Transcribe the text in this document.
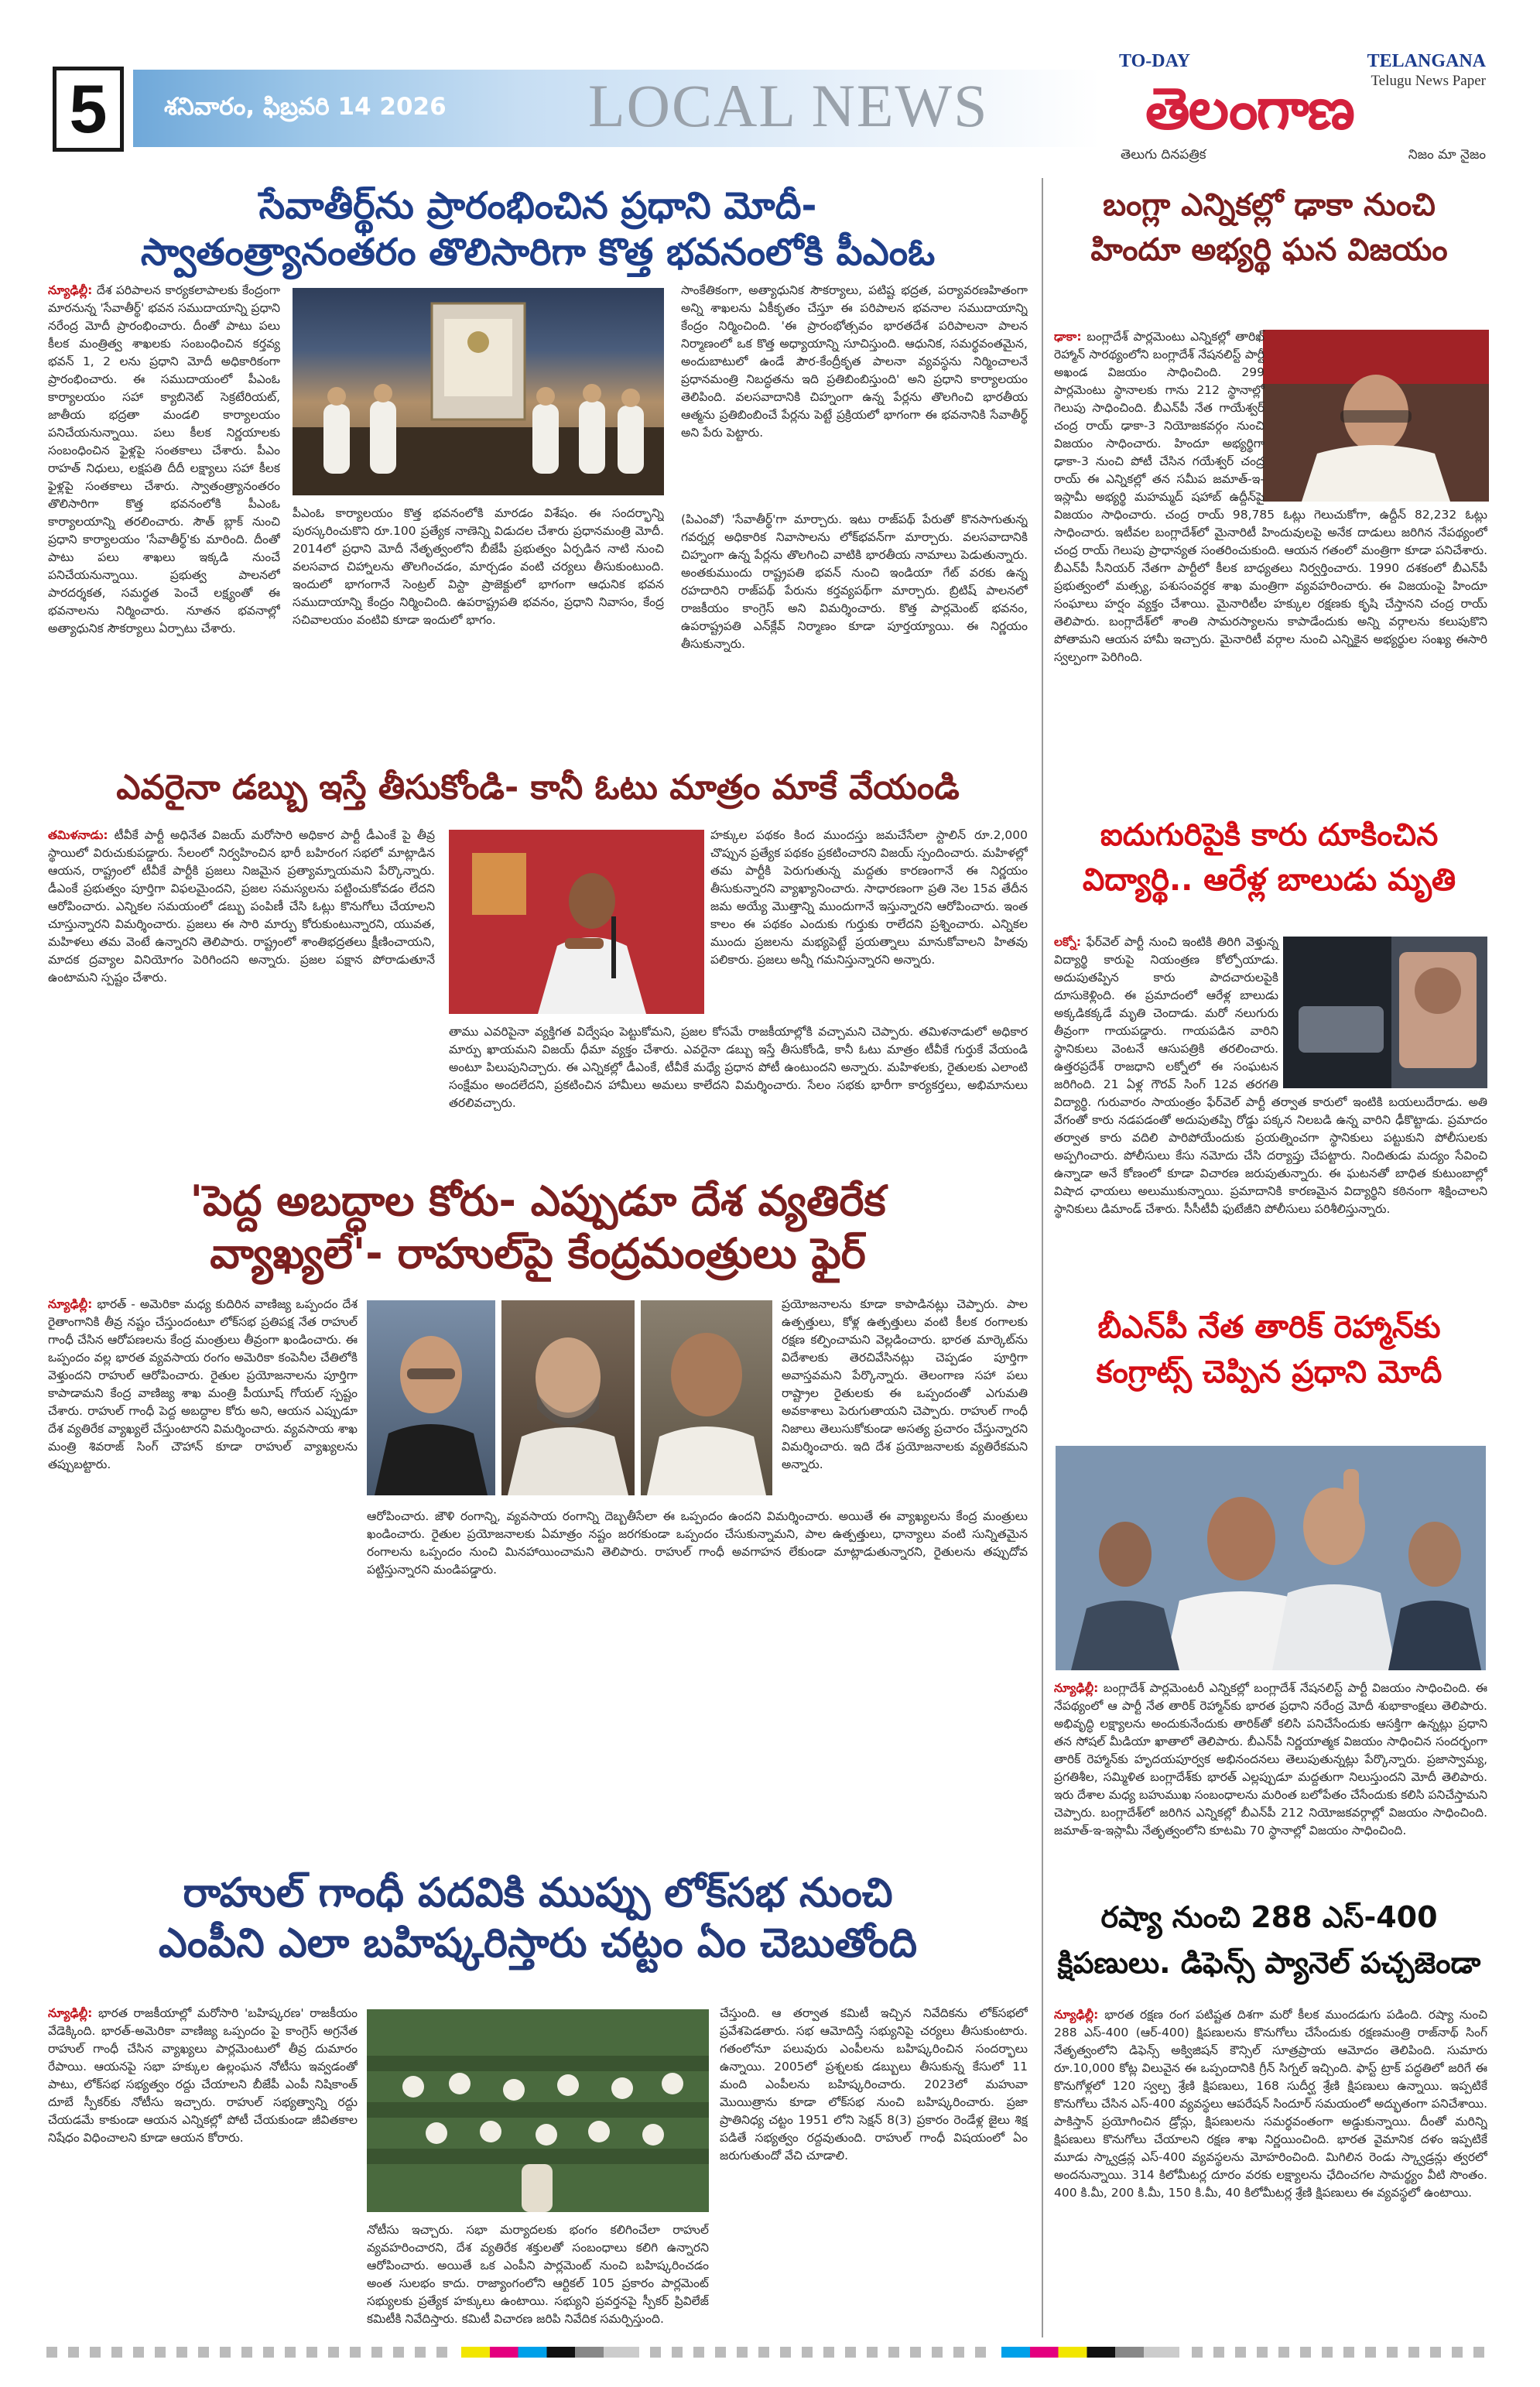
5	శనివారం, ఫిబ్రవరి 14 2026 LOCAL NEWS
TO-DAY	TELANGANA
Telugu News Paper
తెలంగాణ
తెలుగు దినపత్రిక	నిజం మా నైజం
సేవాతీర్థ్‌ను ప్రారంభించిన ప్రధాని మోదీ-
స్వాతంత్ర్యానంతరం తొలిసారిగా కొత్త భవనంలోకి పీఎంఓ
న్యూఢిల్లీ: దేశ పరిపాలన కార్యకలాపాలకు కేంద్రంగా మారనున్న 'సేవాతీర్థ్' భవన సముదాయాన్ని ప్రధాని నరేంద్ర మోదీ ప్రారంభించారు. దీంతో పాటు పలు కీలక మంత్రిత్వ శాఖలకు సంబంధించిన కర్తవ్య భవన్ 1, 2 లను ప్రధాని మోదీ అధికారికంగా ప్రారంభించారు. ఈ సముదాయంలో పీఎంఓ కార్యాలయం సహా క్యాబినెట్ సెక్రటేరియట్, జాతీయ భద్రతా మండలి కార్యాలయం పనిచేయనున్నాయి. పలు కీలక నిర్ణయాలకు సంబంధించిన ఫైళ్లపై సంతకాలు చేశారు. పీఎం రాహత్ నిధులు, లక్షపతి దీదీ లక్ష్యాలు సహా కీలక ఫైళ్లపై సంతకాలు చేశారు. స్వాతంత్ర్యానంతరం తొలిసారిగా కొత్త భవనంలోకి పీఎంఓ కార్యాలయాన్ని తరలించారు. సౌత్ బ్లాక్ నుంచి ప్రధాని కార్యాలయం 'సేవాతీర్థ్'కు మారింది. దీంతో పాటు పలు శాఖలు ఇక్కడి నుంచే పనిచేయనున్నాయి. ప్రభుత్వ పాలనలో పారదర్శకత, సమర్థత పెంచే లక్ష్యంతో ఈ భవనాలను నిర్మించారు. నూతన భవనాల్లో అత్యాధునిక సౌకర్యాలు ఏర్పాటు చేశారు.
సాంకేతికంగా, అత్యాధునిక సౌకర్యాలు, పటిష్ట భద్రత, పర్యావరణహితంగా అన్ని శాఖలను ఏకీకృతం చేస్తూ ఈ పరిపాలన భవనాల సముదాయాన్ని కేంద్రం నిర్మించింది. 'ఈ ప్రారంభోత్సవం భారతదేశ పరిపాలనా పాలన నిర్మాణంలో ఒక కొత్త అధ్యాయాన్ని సూచిస్తుంది. ఆధునిక, సమర్థవంతమైన, అందుబాటులో ఉండే పౌర-కేంద్రీకృత పాలనా వ్యవస్థను నిర్మించాలనే ప్రధానమంత్రి నిబద్ధతను ఇది ప్రతిబింబిస్తుంది' అని ప్రధాని కార్యాలయం తెలిపింది. వలసవాదానికి చిహ్నంగా ఉన్న పేర్లను తొలగించి భారతీయ ఆత్మను ప్రతిబింబించే పేర్లను పెట్టే ప్రక్రియలో భాగంగా ఈ భవనానికి సేవాతీర్థ్ అని పేరు పెట్టారు.
పీఎంఓ కార్యాలయం కొత్త భవనంలోకి మారడం విశేషం. ఈ సందర్భాన్ని పురస్కరించుకొని రూ.100 ప్రత్యేక నాణెన్ని విడుదల చేశారు ప్రధానమంత్రి మోదీ. 2014లో ప్రధాని మోదీ నేతృత్వంలోని బీజేపీ ప్రభుత్వం ఏర్పడిన నాటి నుంచి వలసవాద చిహ్నాలను తొలగించడం, మార్చడం వంటి చర్యలు తీసుకుంటుంది. ఇందులో భాగంగానే సెంట్రల్ విస్టా ప్రాజెక్టులో భాగంగా ఆధునిక భవన సముదాయాన్ని కేంద్రం నిర్మించింది. ఉపరాష్ట్రపతి భవనం, ప్రధాని నివాసం, కేంద్ర సచివాలయం వంటివి కూడా ఇందులో భాగం.
(పిఎంవో) 'సేవాతీర్థ్'గా మార్చారు. ఇటు రాజ్‌పథ్‌ పేరుతో కొనసాగుతున్న గవర్నర్ల అధికారిక నివాసాలను లోక్‌భవన్‌గా మార్చారు. వలసవాదానికి చిహ్నంగా ఉన్న పేర్లను తొలగించి వాటికి భారతీయ నామాలు పెడుతున్నారు. అంతకుముందు రాష్ట్రపతి భవన్ నుంచి ఇండియా గేట్ వరకు ఉన్న రహదారిని రాజ్‌పథ్ పేరును కర్తవ్యపథ్‌గా మార్చారు. బ్రిటిష్ పాలనలో రాజకీయం కాంగ్రెస్ అని విమర్శించారు. కొత్త పార్లమెంట్ భవనం, ఉపరాష్ట్రపతి ఎన్‌క్లేవ్ నిర్మాణం కూడా పూర్తయ్యాయి. ఈ నిర్ణయం తీసుకున్నారు.
ఎవరైనా డబ్బు ఇస్తే తీసుకోండి- కానీ ఓటు మాత్రం మాకే వేయండి
తమిళనాడు: టీవీకే పార్టీ అధినేత విజయ్ మరోసారి అధికార పార్టీ డీఎంకే పై తీవ్ర స్థాయిలో విరుచుకుపడ్డారు. సేలంలో నిర్వహించిన భారీ బహిరంగ సభలో మాట్లాడిన ఆయన, రాష్ట్రంలో టీవీకే పార్టీకి ప్రజలు నిజమైన ప్రత్యామ్నాయమని పేర్కొన్నారు. డీఎంకే ప్రభుత్వం పూర్తిగా విఫలమైందని, ప్రజల సమస్యలను పట్టించుకోవడం లేదని ఆరోపించారు. ఎన్నికల సమయంలో డబ్బు పంపిణీ చేసి ఓట్లు కొనుగోలు చేయాలని చూస్తున్నారని విమర్శించారు. ప్రజలు ఈ సారి మార్పు కోరుకుంటున్నారని, యువత, మహిళలు తమ వెంటే ఉన్నారని తెలిపారు. రాష్ట్రంలో శాంతిభద్రతలు క్షీణించాయని, మాదక ద్రవ్యాల వినియోగం పెరిగిందని అన్నారు. ప్రజల పక్షాన పోరాడుతూనే ఉంటామని స్పష్టం చేశారు.
హక్కుల పథకం కింద ముందస్తు జమచేసేలా స్టాలిన్ రూ.2,000 చొప్పున ప్రత్యేక పథకం ప్రకటించారని విజయ్ స్పందించారు. మహిళల్లో తమ పార్టీకి పెరుగుతున్న మద్దతు కారణంగానే ఈ నిర్ణయం తీసుకున్నారని వ్యాఖ్యానించారు. సాధారణంగా ప్రతి నెల 15వ తేదీన జమ అయ్యే మొత్తాన్ని ముందుగానే ఇస్తున్నారని ఆరోపించారు. ఇంత కాలం ఈ పథకం ఎందుకు గుర్తుకు రాలేదని ప్రశ్నించారు. ఎన్నికల ముందు ప్రజలను మభ్యపెట్టే ప్రయత్నాలు మానుకోవాలని హితవు పలికారు. ప్రజలు అన్నీ గమనిస్తున్నారని అన్నారు.
తాము ఎవరిపైనా వ్యక్తిగత విద్వేషం పెట్టుకోమని, ప్రజల కోసమే రాజకీయాల్లోకి వచ్చామని చెప్పారు. తమిళనాడులో అధికార మార్పు ఖాయమని విజయ్ ధీమా వ్యక్తం చేశారు. ఎవరైనా డబ్బు ఇస్తే తీసుకోండి, కానీ ఓటు మాత్రం టీవీకే గుర్తుకే వేయండి అంటూ పిలుపునిచ్చారు. ఈ ఎన్నికల్లో డీఎంకే, టీవీకే మధ్యే ప్రధాన పోటీ ఉంటుందని అన్నారు. మహిళలకు, రైతులకు ఎలాంటి సంక్షేమం అందలేదని, ప్రకటించిన హామీలు అమలు కాలేదని విమర్శించారు. సేలం సభకు భారీగా కార్యకర్తలు, అభిమానులు తరలివచ్చారు.
'పెద్ద అబద్ధాల కోరు- ఎప్పుడూ దేశ వ్యతిరేక
వ్యాఖ్యలే'- రాహుల్‌పై కేంద్రమంత్రులు ఫైర్
న్యూఢిల్లీ: భారత్ - అమెరికా మధ్య కుదిరిన వాణిజ్య ఒప్పందం దేశ రైతాంగానికి తీవ్ర నష్టం చేస్తుందంటూ లోక్‌సభ ప్రతిపక్ష నేత రాహుల్ గాంధీ చేసిన ఆరోపణలను కేంద్ర మంత్రులు తీవ్రంగా ఖండించారు. ఈ ఒప్పందం వల్ల భారత వ్యవసాయ రంగం అమెరికా కంపెనీల చేతిలోకి వెళ్తుందని రాహుల్ ఆరోపించారు. రైతుల ప్రయోజనాలను పూర్తిగా కాపాడామని కేంద్ర వాణిజ్య శాఖ మంత్రి పీయూష్ గోయల్ స్పష్టం చేశారు. రాహుల్ గాంధీ పెద్ద అబద్ధాల కోరు అని, ఆయన ఎప్పుడూ దేశ వ్యతిరేక వ్యాఖ్యలే చేస్తుంటారని విమర్శించారు. వ్యవసాయ శాఖ మంత్రి శివరాజ్ సింగ్ చౌహాన్ కూడా రాహుల్ వ్యాఖ్యలను తప్పుబట్టారు.
ప్రయోజనాలను కూడా కాపాడినట్లు చెప్పారు. పాల ఉత్పత్తులు, కోళ్ల ఉత్పత్తులు వంటి కీలక రంగాలకు రక్షణ కల్పించామని వెల్లడించారు. భారత మార్కెట్‌ను విదేశాలకు తెరచివేసినట్లు చెప్పడం పూర్తిగా అవాస్తవమని పేర్కొన్నారు. తెలంగాణ సహా పలు రాష్ట్రాల రైతులకు ఈ ఒప్పందంతో ఎగుమతి అవకాశాలు పెరుగుతాయని చెప్పారు. రాహుల్ గాంధీ నిజాలు తెలుసుకోకుండా అసత్య ప్రచారం చేస్తున్నారని విమర్శించారు. ఇది దేశ ప్రయోజనాలకు వ్యతిరేకమని అన్నారు.
ఆరోపించారు. జౌళి రంగాన్ని, వ్యవసాయ రంగాన్ని దెబ్బతీసేలా ఈ ఒప్పందం ఉందని విమర్శించారు. అయితే ఈ వ్యాఖ్యలను కేంద్ర మంత్రులు ఖండించారు. రైతుల ప్రయోజనాలకు ఏమాత్రం నష్టం జరగకుండా ఒప్పందం చేసుకున్నామని, పాల ఉత్పత్తులు, ధాన్యాలు వంటి సున్నితమైన రంగాలను ఒప్పందం నుంచి మినహాయించామని తెలిపారు. రాహుల్ గాంధీ అవగాహన లేకుండా మాట్లాడుతున్నారని, రైతులను తప్పుదోవ పట్టిస్తున్నారని మండిపడ్డారు.
రాహుల్ గాంధీ పదవికి ముప్పు లోక్‌సభ నుంచి
ఎంపీని ఎలా బహిష్కరిస్తారు చట్టం ఏం చెబుతోంది
న్యూఢిల్లీ: భారత రాజకీయాల్లో మరోసారి 'బహిష్కరణ' రాజకీయం వేడెక్కింది. భారత్-అమెరికా వాణిజ్య ఒప్పందం పై కాంగ్రెస్ అగ్రనేత రాహుల్ గాంధీ చేసిన వ్యాఖ్యలు పార్లమెంటులో తీవ్ర దుమారం రేపాయి. ఆయనపై సభా హక్కుల ఉల్లంఘన నోటీసు ఇవ్వడంతో పాటు, లోక్‌సభ సభ్యత్వం రద్దు చేయాలని బీజేపీ ఎంపీ నిషికాంత్ దూబే స్పీకర్‌కు నోటీసు ఇచ్చారు. రాహుల్ సభ్యత్వాన్ని రద్దు చేయడమే కాకుండా ఆయన ఎన్నికల్లో పోటీ చేయకుండా జీవితకాల నిషేధం విధించాలని కూడా ఆయన కోరారు.
చేస్తుంది. ఆ తర్వాత కమిటీ ఇచ్చిన నివేదికను లోక్‌సభలో ప్రవేశపెడతారు. సభ ఆమోదిస్తే సభ్యునిపై చర్యలు తీసుకుంటారు. గతంలోనూ పలువురు ఎంపీలను బహిష్కరించిన సందర్భాలు ఉన్నాయి. 2005లో ప్రశ్నలకు డబ్బులు తీసుకున్న కేసులో 11 మంది ఎంపీలను బహిష్కరించారు. 2023లో మహువా మొయిత్రాను కూడా లోక్‌సభ నుంచి బహిష్కరించారు. ప్రజా ప్రాతినిధ్య చట్టం 1951 లోని సెక్షన్ 8(3) ప్రకారం రెండేళ్ల జైలు శిక్ష పడితే సభ్యత్వం రద్దవుతుంది. రాహుల్ గాంధీ విషయంలో ఏం జరుగుతుందో వేచి చూడాలి.
నోటీసు ఇచ్చారు. సభా మర్యాదలకు భంగం కలిగించేలా రాహుల్ వ్యవహరించారని, దేశ వ్యతిరేక శక్తులతో సంబంధాలు కలిగి ఉన్నారని ఆరోపించారు. అయితే ఒక ఎంపీని పార్లమెంట్ నుంచి బహిష్కరించడం అంత సులభం కాదు. రాజ్యాంగంలోని ఆర్టికల్ 105 ప్రకారం పార్లమెంట్ సభ్యులకు ప్రత్యేక హక్కులు ఉంటాయి. సభ్యుని ప్రవర్తనపై స్పీకర్ ప్రివిలేజ్ కమిటీకి నివేదిస్తారు. కమిటీ విచారణ జరిపి నివేదిక సమర్పిస్తుంది.
బంగ్లా ఎన్నికల్లో ఢాకా నుంచి
హిందూ అభ్యర్థి ఘన విజయం
ఢాకా: బంగ్లాదేశ్ పార్లమెంటు ఎన్నికల్లో తారిఖ్ రెహ్మాన్ సారథ్యంలోని బంగ్లాదేశ్ నేషనలిస్ట్ పార్టీ అఖండ విజయం సాధించింది. 299 పార్లమెంటు స్థానాలకు గాను 212 స్థానాల్లో గెలుపు సాధించింది. బీఎన్‌పీ నేత గాయేశ్వర్ చంద్ర రాయ్ ఢాకా-3 నియోజకవర్గం నుంచి విజయం సాధించారు. హిందూ అభ్యర్థిగా ఢాకా-3 నుంచి పోటీ చేసిన గయేశ్వర్ చంద్ర రాయ్ ఈ ఎన్నికల్లో తన సమీప జమాత్-ఇ-ఇస్లామీ అభ్యర్థి మహమ్మద్ షహాబ్ ఉద్దీన్‌పై విజయం సాధించారు. చంద్ర రాయ్ 98,785 ఓట్లు గెలుచుకోగా, ఉద్దీన్ 82,232 ఓట్లు సాధించారు. ఇటీవల బంగ్లాదేశ్‌లో మైనారిటీ హిందువులపై అనేక దాడులు జరిగిన నేపథ్యంలో చంద్ర రాయ్ గెలుపు ప్రాధాన్యత సంతరించుకుంది. ఆయన గతంలో మంత్రిగా కూడా పనిచేశారు. బీఎన్‌పీ సీనియర్ నేతగా పార్టీలో కీలక బాధ్యతలు నిర్వర్తించారు. 1990 దశకంలో బీఎన్‌పీ ప్రభుత్వంలో మత్స్య, పశుసంవర్ధక శాఖ మంత్రిగా వ్యవహరించారు. ఈ విజయంపై హిందూ సంఘాలు హర్షం వ్యక్తం చేశాయి. మైనారిటీల హక్కుల రక్షణకు కృషి చేస్తానని చంద్ర రాయ్ తెలిపారు. బంగ్లాదేశ్‌లో శాంతి సామరస్యాలను కాపాడేందుకు అన్ని వర్గాలను కలుపుకొని పోతామని ఆయన హామీ ఇచ్చారు. మైనారిటీ వర్గాల నుంచి ఎన్నికైన అభ్యర్థుల సంఖ్య ఈసారి స్వల్పంగా పెరిగింది.
ఐదుగురిపైకి కారు దూకించిన
విద్యార్థి.. ఆరేళ్ల బాలుడు మృతి
లక్నో: ఫేర్‌వెల్ పార్టీ నుంచి ఇంటికి తిరిగి వెళ్తున్న విద్యార్థి కారుపై నియంత్రణ కోల్పోయాడు. అదుపుతప్పిన కారు పాదచారులపైకి దూసుకెళ్లింది. ఈ ప్రమాదంలో ఆరేళ్ల బాలుడు అక్కడికక్కడే మృతి చెందాడు. మరో నలుగురు తీవ్రంగా గాయపడ్డారు. గాయపడిన వారిని స్థానికులు వెంటనే ఆసుపత్రికి తరలించారు. ఉత్తరప్రదేశ్ రాజధాని లక్నోలో ఈ సంఘటన జరిగింది. 21 ఏళ్ల గౌరవ్ సింగ్ 12వ తరగతి విద్యార్థి. గురువారం సాయంత్రం ఫేర్‌వెల్ పార్టీ తర్వాత కారులో ఇంటికి బయలుదేరాడు. అతి వేగంతో కారు నడపడంతో అదుపుతప్పి రోడ్డు పక్కన నిలబడి ఉన్న వారిని ఢీకొట్టాడు. ప్రమాదం తర్వాత కారు వదిలి పారిపోయేందుకు ప్రయత్నించగా స్థానికులు పట్టుకుని పోలీసులకు అప్పగించారు. పోలీసులు కేసు నమోదు చేసి దర్యాప్తు చేపట్టారు. నిందితుడు మద్యం సేవించి ఉన్నాడా అనే కోణంలో కూడా విచారణ జరుపుతున్నారు. ఈ ఘటనతో బాధిత కుటుంబాల్లో విషాద ఛాయలు అలుముకున్నాయి. ప్రమాదానికి కారణమైన విద్యార్థిని కఠినంగా శిక్షించాలని స్థానికులు డిమాండ్ చేశారు. సీసీటీవీ ఫుటేజీని పోలీసులు పరిశీలిస్తున్నారు.
బీఎన్‌పీ నేత తారిక్ రెహ్మాన్‌కు
కంగ్రాట్స్ చెప్పిన ప్రధాని మోదీ
న్యూఢిల్లీ: బంగ్లాదేశ్ పార్లమెంటరీ ఎన్నికల్లో బంగ్లాదేశ్ నేషనలిస్ట్ పార్టీ విజయం సాధించింది. ఈ నేపథ్యంలో ఆ పార్టీ నేత తారిక్ రెహ్మాన్‌కు భారత ప్రధాని నరేంద్ర మోదీ శుభాకాంక్షలు తెలిపారు. అభివృద్ధి లక్ష్యాలను అందుకునేందుకు తారిక్‌తో కలిసి పనిచేసేందుకు ఆసక్తిగా ఉన్నట్లు ప్రధాని తన సోషల్ మీడియా ఖాతాలో తెలిపారు. బీఎన్‌పీ నిర్ణయాత్మక విజయం సాధించిన సందర్భంగా తారిక్ రెహ్మాన్‌కు హృదయపూర్వక అభినందనలు తెలుపుతున్నట్లు పేర్కొన్నారు. ప్రజాస్వామ్య, ప్రగతిశీల, సమ్మిళిత బంగ్లాదేశ్‌కు భారత్ ఎల్లప్పుడూ మద్దతుగా నిలుస్తుందని మోదీ తెలిపారు. ఇరు దేశాల మధ్య బహుముఖ సంబంధాలను మరింత బలోపేతం చేసేందుకు కలిసి పనిచేస్తామని చెప్పారు. బంగ్లాదేశ్‌లో జరిగిన ఎన్నికల్లో బీఎన్‌పీ 212 నియోజకవర్గాల్లో విజయం సాధించింది. జమాత్-ఇ-ఇస్లామీ నేతృత్వంలోని కూటమి 70 స్థానాల్లో విజయం సాధించింది.
రష్యా నుంచి 288 ఎస్-400
క్షిపణులు. డిఫెన్స్ ప్యానెల్ పచ్చజెండా
న్యూఢిల్లీ: భారత రక్షణ రంగ పటిష్టత దిశగా మరో కీలక ముందడుగు పడింది. రష్యా నుంచి 288 ఎస్-400 (ఆర్-400) క్షిపణులను కొనుగోలు చేసేందుకు రక్షణమంత్రి రాజ్‌నాథ్ సింగ్ నేతృత్వంలోని డిఫెన్స్ అక్విజిషన్ కౌన్సిల్ సూత్రప్రాయ ఆమోదం తెలిపింది. సుమారు రూ.10,000 కోట్ల విలువైన ఈ ఒప్పందానికి గ్రీన్ సిగ్నల్ ఇచ్చింది. ఫాస్ట్ ట్రాక్ పద్ధతిలో జరిగే ఈ కొనుగోళ్లలో 120 స్వల్ప శ్రేణి క్షిపణులు, 168 సుదీర్ఘ శ్రేణి క్షిపణులు ఉన్నాయి. ఇప్పటికే కొనుగోలు చేసిన ఎస్-400 వ్యవస్థలు ఆపరేషన్ సిందూర్ సమయంలో అద్భుతంగా పనిచేశాయి. పాకిస్తాన్ ప్రయోగించిన డ్రోన్లు, క్షిపణులను సమర్థవంతంగా అడ్డుకున్నాయి. దీంతో మరిన్ని క్షిపణులు కొనుగోలు చేయాలని రక్షణ శాఖ నిర్ణయించింది. భారత వైమానిక దళం ఇప్పటికే మూడు స్క్వాడ్రన్ల ఎస్-400 వ్యవస్థలను మోహరించింది. మిగిలిన రెండు స్క్వాడ్రన్లు త్వరలో అందనున్నాయి. 314 కిలోమీటర్ల దూరం వరకు లక్ష్యాలను ఛేదించగల సామర్థ్యం వీటి సొంతం. 400 కి.మీ, 200 కి.మీ, 150 కి.మీ, 40 కిలోమీటర్ల శ్రేణి క్షిపణులు ఈ వ్యవస్థలో ఉంటాయి.
